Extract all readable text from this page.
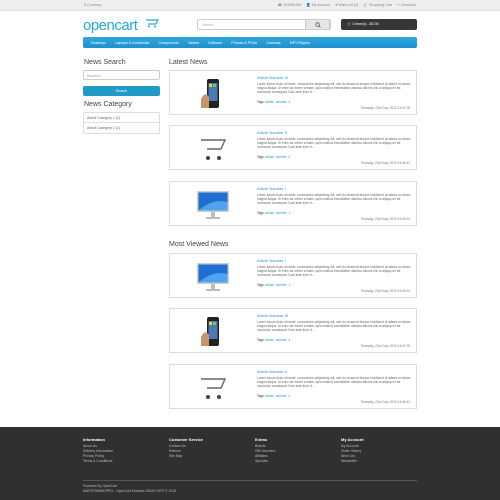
$ Currency	☎ 123456789 👤 My Account ♥ Wish List (0) 🛒 Shopping Cart ↪ Checkout
opencart	Search	🛒 0 item(s) - $0.00
Desktops	Laptops & Notebooks	Components	Tablets	Software	Phones & PDAs	Cameras	MP3 Players
News Search
Keyword
Search
News Category
Article Category 1 (2)
Article Category 2 (1)
Latest News
Article Number III
Lorem ipsum dolor sit amet, consectetur adipisicing elit, sed do eiusmod tempor incididunt ut labore et dolore magna aliqua. Ut enim ad minim veniam, quis nostrud exercitation ullamco laboris nisi ut aliquip ex ea commodo consequat. Duis aute irure d...
Tags: article, number, 3
Thursday, 23rd July, 2015 14:47:28
Article Number II
Lorem ipsum dolor sit amet, consectetur adipisicing elit, sed do eiusmod tempor incididunt ut labore et dolore magna aliqua. Ut enim ad minim veniam, quis nostrud exercitation ullamco laboris nisi ut aliquip ex ea commodo consequat. Duis aute irure d...
Tags: article, number, 2
Thursday, 23rd July, 2015 14:46:42
Article Number I
Lorem ipsum dolor sit amet, consectetur adipisicing elit, sed do eiusmod tempor incididunt ut labore et dolore magna aliqua. Ut enim ad minim veniam, quis nostrud exercitation ullamco laboris nisi ut aliquip ex ea commodo consequat. Duis aute irure d...
Tags: article, number, 1
Thursday, 23rd July, 2015 14:46:01
Most Viewed News
Article Number I
Lorem ipsum dolor sit amet, consectetur adipisicing elit, sed do eiusmod tempor incididunt ut labore et dolore magna aliqua. Ut enim ad minim veniam, quis nostrud exercitation ullamco laboris nisi ut aliquip ex ea commodo consequat. Duis aute irure d...
Tags: article, number, 1
Thursday, 23rd July, 2015 14:46:01
Article Number III
Lorem ipsum dolor sit amet, consectetur adipisicing elit, sed do eiusmod tempor incididunt ut labore et dolore magna aliqua. Ut enim ad minim veniam, quis nostrud exercitation ullamco laboris nisi ut aliquip ex ea commodo consequat. Duis aute irure d...
Tags: article, number, 3
Thursday, 23rd July, 2015 14:47:28
Article Number II
Lorem ipsum dolor sit amet, consectetur adipisicing elit, sed do eiusmod tempor incididunt ut labore et dolore magna aliqua. Ut enim ad minim veniam, quis nostrud exercitation ullamco laboris nisi ut aliquip ex ea commodo consequat. Duis aute irure d...
Tags: article, number, 2
Thursday, 23rd July, 2015 14:46:42
Information
About Us
Delivery Information
Privacy Policy
Terms & Conditions
Customer Service
Contact Us
Returns
Site Map
Extras
Brands
Gift Vouchers
Affiliates
Specials
My Account
My Account
Order History
Wish List
Newsletter
Powered By OpenCart
MASTERMINDPRO - OpenCart Modules DEMO SITE © 2015
